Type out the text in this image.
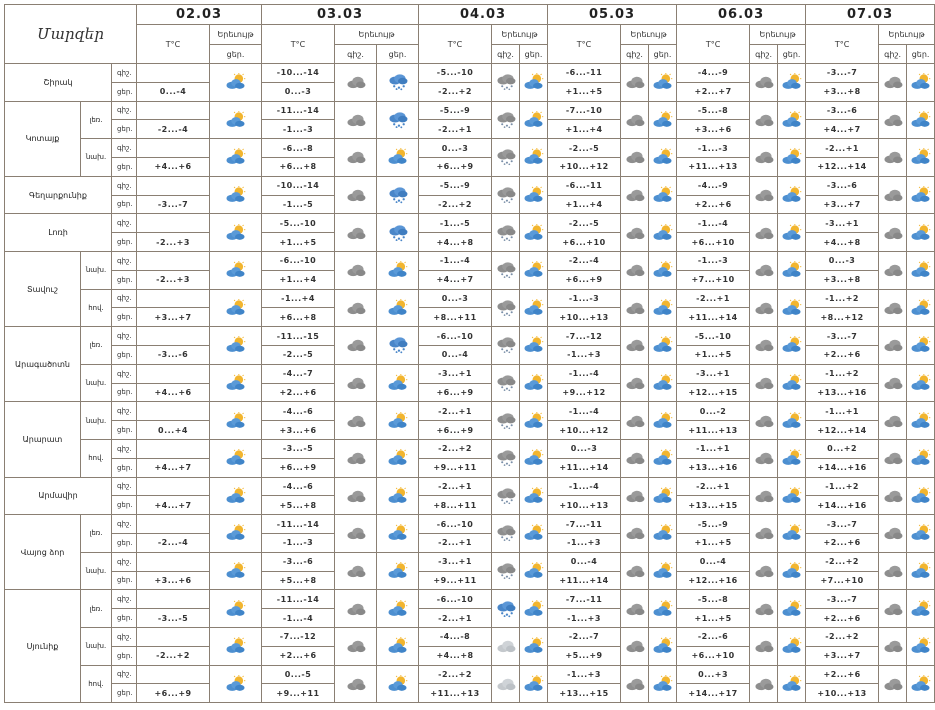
Մարզեր			02.03		03.03			04.03			05.03			06.03			07.03		
			T°C	Երեւույթ	T°C	Երեւույթ		T°C	Երեւույթ		T°C	Երեւույթ		T°C	Երեւույթ		T°C	Երեւույթ	
				ցեր.		գիշ.	ցեր.		գիշ.	ցեր.		գիշ.	ցեր.		գիշ.	ցեր.		գիշ.	ցեր.
Շիրակ		գիշ.			-10...-14			-5...-10			-6...-11			-4...-9			-3...-7	

		ցեր.	0...-4		0...-3			-2...+2			+1...+5			+2...+7			+3...+8		
Կոտայք	լեռ.	գիշ.			-11...-14			-5...-9			-7...-10			-5...-8			-3...-6	

		ցեր.	-2...-4		-1...-3			-2...+1			+1...+4			+3...+6			+4...+7		
	նախ.	գիշ.			-6...-8			0...-3			-2...-5			-1...-3			-2...+1	

		ցեր.	+4...+6		+6...+8			+6...+9			+10...+12			+11...+13			+12...+14		
Գեղարքունիք		գիշ.			-10...-14			-5...-9			-6...-11			-4...-9			-3...-6	

		ցեր.	-3...-7		-1...-5			-2...+2			+1...+4			+2...+6			+3...+7		
Լոռի		գիշ.			-5...-10			-1...-5			-2...-5			-1...-4			-3...+1	

		ցեր.	-2...+3		+1...+5			+4...+8			+6...+10			+6...+10			+4...+8		
Տավուշ	նախ.	գիշ.			-6...-10			-1...-4			-2...-4			-1...-3			0...-3	

		ցեր.	-2...+3		+1...+4			+4...+7			+6...+9			+7...+10			+3...+8		
	հով.	գիշ.			-1...+4			0...-3			-1...-3			-2...+1			-1...+2	

		ցեր.	+3...+7		+6...+8			+8...+11			+10...+13			+11...+14			+8...+12		
Արագածոտն	լեռ.	գիշ.			-11...-15			-6...-10			-7...-12			-5...-10			-3...-7	

		ցեր.	-3...-6		-2...-5			0...-4			-1...+3			+1...+5			+2...+6		
	նախ.	գիշ.			-4...-7			-3...+1			-1...-4			-3...+1			-1...+2	

		ցեր.	+4...+6		+2...+6			+6...+9			+9...+12			+12...+15			+13...+16		
Արարատ	նախ.	գիշ.			-4...-6			-2...+1			-1...-4			0...-2			-1...+1	

		ցեր.	0...+4		+3...+6			+6...+9			+10...+12			+11...+13			+12...+14		
	հով.	գիշ.			-3...-5			-2...+2			0...-3			-1...+1			0...+2	

		ցեր.	+4...+7		+6...+9			+9...+11			+11...+14			+13...+16			+14...+16		
Արմավիր		գիշ.			-4...-6			-2...+1			-1...-4			-2...+1			-1...+2	

		ցեր.	+4...+7		+5...+8			+8...+11			+10...+13			+13...+15			+14...+16		
Վայոց ձոր	լեռ.	գիշ.			-11...-14			-6...-10			-7...-11			-5...-9			-3...-7	

		ցեր.	-2...-4		-1...-3			-2...+1			-1...+3			+1...+5			+2...+6		
	նախ.	գիշ.			-3...-6			-3...+1			0...-4			0...-4			-2...+2	

		ցեր.	+3...+6		+5...+8			+9...+11			+11...+14			+12...+16			+7...+10		
Սյունիք	լեռ.	գիշ.			-11...-14			-6...-10			-7...-11			-5...-8			-3...-7	

		ցեր.	-3...-5		-1...-4			-2...+1			-1...+3			+1...+5			+2...+6		
	նախ.	գիշ.			-7...-12			-4...-8			-2...-7			-2...-6			-2...+2	

		ցեր.	-2...+2		+2...+6			+4...+8			+5...+9			+6...+10			+3...+7		
	հով.	գիշ.			0...-5			-2...+2			-1...+3			0...+3			+2...+6	

		ցեր.	+6...+9		+9...+11			+11...+13			+13...+15			+14...+17			+10...+13		
